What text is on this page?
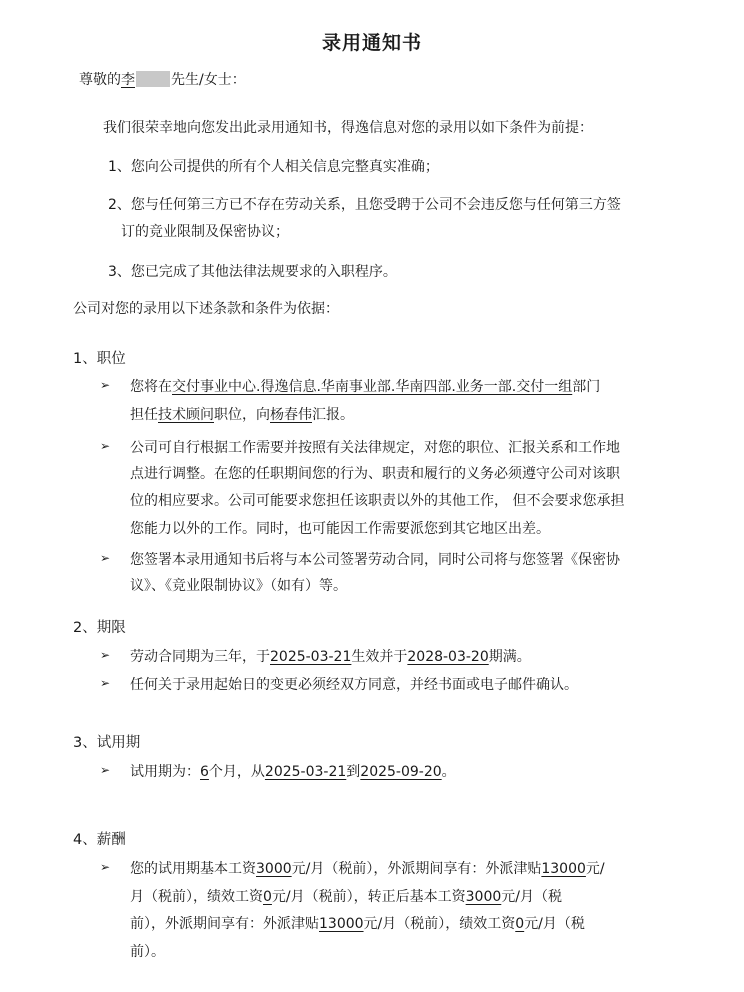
录用通知书
尊敬的李	先生/女士：
我们很荣幸地向您发出此录用通知书，得逸信息对您的录用以如下条件为前提：
1、您向公司提供的所有个人相关信息完整真实准确；
2、您与任何第三方已不存在劳动关系，且您受聘于公司不会违反您与任何第三方签
订的竞业限制及保密协议；
3、您已完成了其他法律法规要求的入职程序。
公司对您的录用以下述条款和条件为依据：
1、职位
➢ 您将在交付事业中心.得逸信息.华南事业部.华南四部.业务一部.交付一组部门
担任技术顾问职位，向杨春伟汇报。
➢ 公司可自行根据工作需要并按照有关法律规定，对您的职位、汇报关系和工作地
点进行调整。在您的任职期间您的行为、职责和履行的义务必须遵守公司对该职
位的相应要求。公司可能要求您担任该职责以外的其他工作， 但不会要求您承担
您能力以外的工作。同时，也可能因工作需要派您到其它地区出差。
➢ 您签署本录用通知书后将与本公司签署劳动合同，同时公司将与您签署《保密协
议》、《竞业限制协议》（如有）等。
2、期限
➢ 劳动合同期为三年，于2025-03-21生效并于2028-03-20期满。
➢ 任何关于录用起始日的变更必须经双方同意，并经书面或电子邮件确认。
3、试用期
➢ 试用期为：6个月，从2025-03-21到2025-09-20。
4、薪酬
➢ 您的试用期基本工资3000元/月（税前），外派期间享有：外派津贴13000元/
月（税前），绩效工资0元/月（税前），转正后基本工资3000元/月（税
前），外派期间享有：外派津贴13000元/月（税前），绩效工资0元/月（税
前）。
